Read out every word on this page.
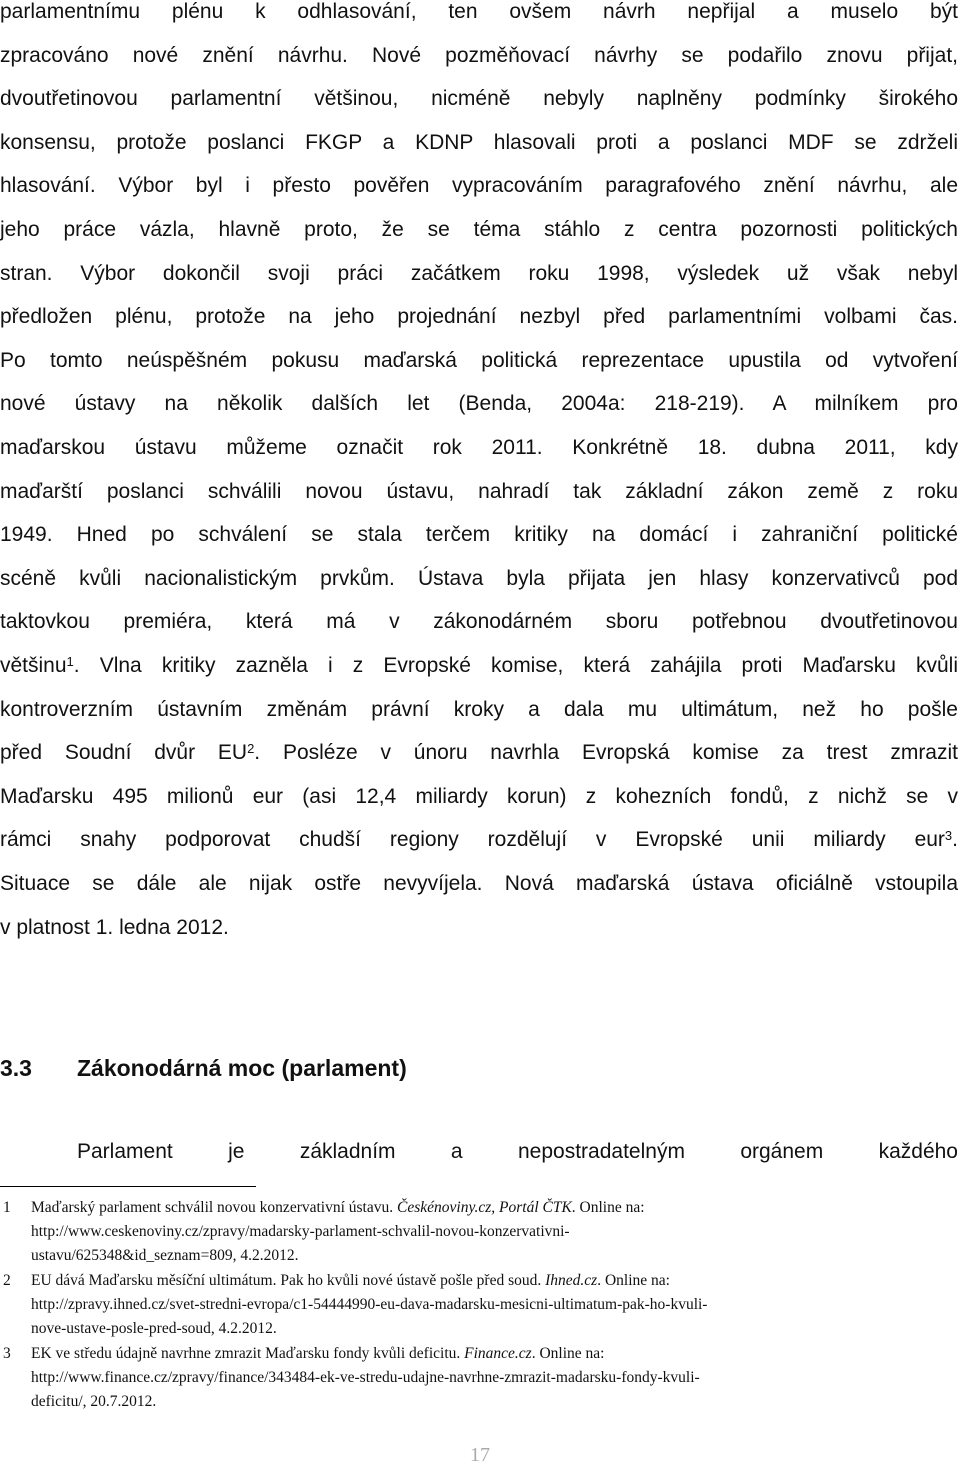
parlamentnímu plénu k odhlasování, ten ovšem návrh nepřijal a muselo být
zpracováno nové znění návrhu. Nové pozměňovací návrhy se podařilo znovu přijat,
dvoutřetinovou parlamentní většinou, nicméně nebyly naplněny podmínky širokého
konsensu, protože poslanci FKGP a KDNP hlasovali proti a poslanci MDF se zdrželi
hlasování. Výbor byl i přesto pověřen vypracováním paragrafového znění návrhu, ale
jeho práce vázla, hlavně proto, že se téma stáhlo z centra pozornosti politických
stran. Výbor dokončil svoji práci začátkem roku 1998, výsledek už však nebyl
předložen plénu, protože na jeho projednání nezbyl před parlamentními volbami čas.
Po tomto neúspěšném pokusu maďarská politická reprezentace upustila od vytvoření
nové ústavy na několik dalších let (Benda, 2004a: 218-219). A milníkem pro
maďarskou ústavu můžeme označit rok 2011. Konkrétně 18. dubna 2011, kdy
maďarští poslanci schválili novou ústavu, nahradí tak základní zákon země z roku
1949. Hned po schválení se stala terčem kritiky na domácí i zahraniční politické
scéně kvůli nacionalistickým prvkům. Ústava byla přijata jen hlasy konzervativců pod
taktovkou premiéra, která má v zákonodárném sboru potřebnou dvoutřetinovou
většinu$^1$. Vlna kritiky zazněla i z Evropské komise, která zahájila proti Maďarsku kvůli
kontroverzním ústavním změnám právní kroky a dala mu ultimátum, než ho pošle
před Soudní dvůr $EU^2$. Posléze v únoru navrhla Evropská komise za trest zmrazit
Maďarsku 495 milionů eur (asi 12,4 miliardy korun) z kohezních fondů, z nichž se v
rámci snahy podporovat chudší regiony rozdělují v Evropské unii miliardy eur$^3$.
Situace se dále ale nijak ostře nevyvíjela. Nová maďarská ústava oficiálně vstoupila
v platnost 1. ledna 2012.
3.3 Zákonodárná moc (parlament)
Parlament je základním a nepostradatelným orgánem každého
1	Maďarský parlament schválil novou konzervativní ústavu. Českénoviny.cz, Portál ČTK. Online na:
http://www.ceskenoviny.cz/zpravy/madarsky-parlament-schvalil-novou-konzervativni-
ustavu/625348&id_seznam=809, 4.2.2012.
2	EU dává Maďarsku měsíční ultimátum. Pak ho kvůli nové ústavě pošle před soud. Ihned.cz. Online na:
http://zpravy.ihned.cz/svet-stredni-evropa/c1-54444990-eu-dava-madarsku-mesicni-ultimatum-pak-ho-kvuli-
nove-ustave-posle-pred-soud, 4.2.2012.
3	EK ve středu údajně navrhne zmrazit Maďarsku fondy kvůli deficitu. Finance.cz. Online na:
http://www.finance.cz/zpravy/finance/343484-ek-ve-stredu-udajne-navrhne-zmrazit-madarsku-fondy-kvuli-
deficitu/, 20.7.2012.
17
